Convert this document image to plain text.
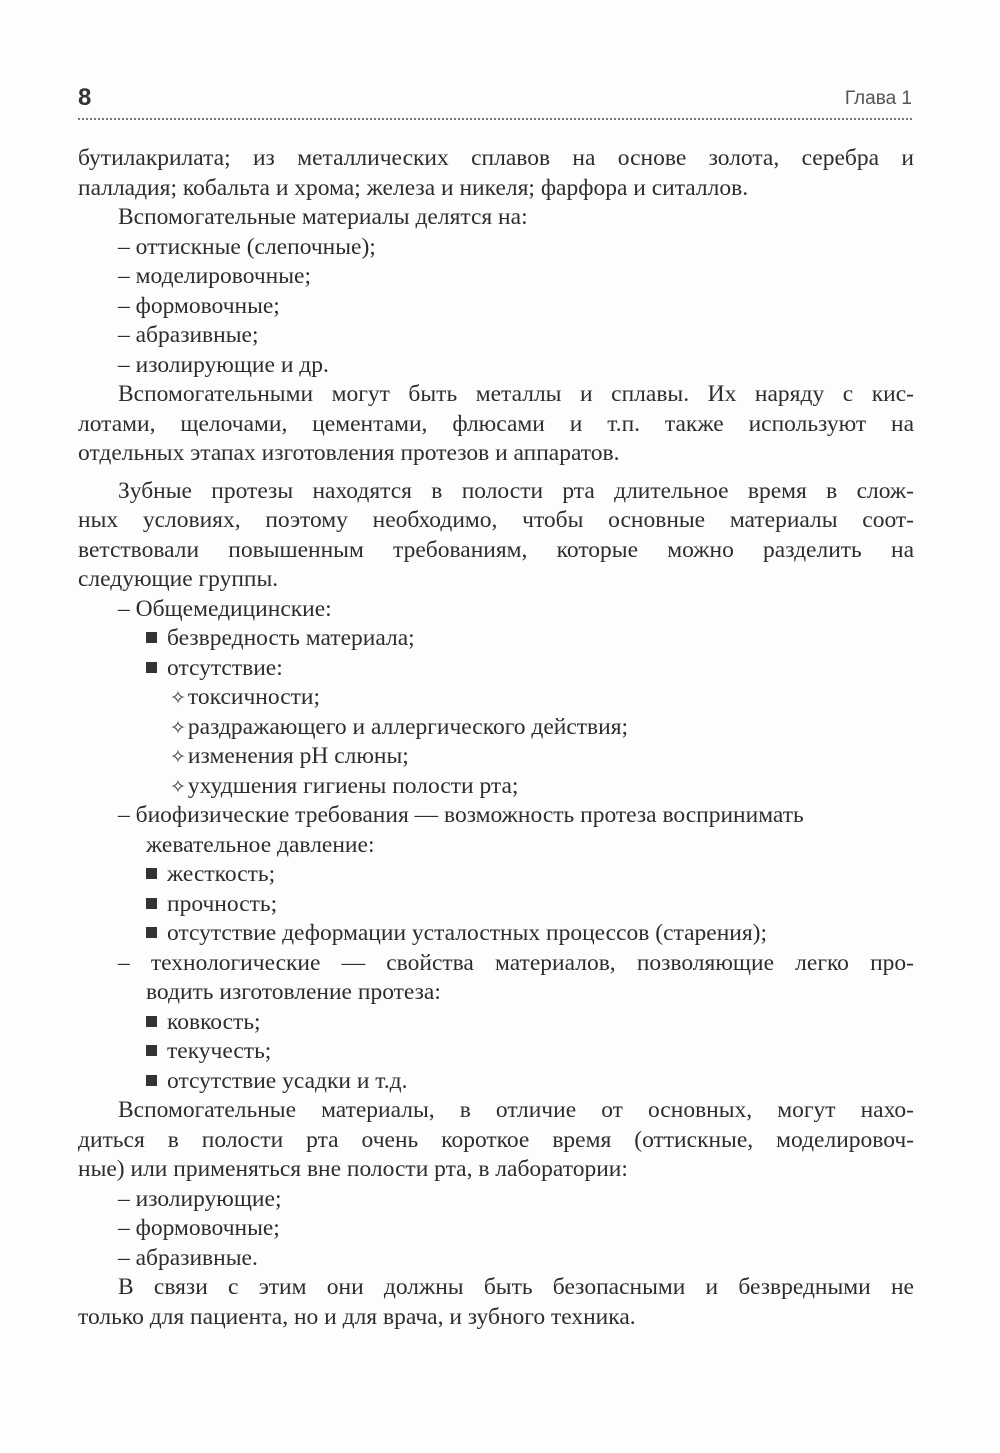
8	Глава 1
бутилакрилата; из металлических сплавов на основе золота, серебра и
палладия; кобальта и хрома; железа и никеля; фарфора и ситаллов.
Вспомогательные материалы делятся на:
– оттискные (слепочные);
– моделировочные;
– формовочные;
– абразивные;
– изолирующие и др.
Вспомогательными могут быть металлы и сплавы. Их наряду с кис-
лотами, щелочами, цементами, флюсами и т.п. также используют на
отдельных этапах изготовления протезов и аппаратов.
Зубные протезы находятся в полости рта длительное время в слож-
ных условиях, поэтому необходимо, чтобы основные материалы соот-
ветствовали повышенным требованиям, которые можно разделить на
следующие группы.
– Общемедицинские:
безвредность материала;
отсутствие:
✧токсичности;
✧раздражающего и аллергического действия;
✧изменения рН слюны;
✧ухудшения гигиены полости рта;
– биофизические требования — возможность протеза воспринимать
жевательное давление:
жесткость;
прочность;
отсутствие деформации усталостных процессов (старения);
– технологические — свойства материалов, позволяющие легко про-
водить изготовление протеза:
ковкость;
текучесть;
отсутствие усадки и т.д.
Вспомогательные материалы, в отличие от основных, могут нахо-
диться в полости рта очень короткое время (оттискные, моделировоч-
ные) или применяться вне полости рта, в лаборатории:
– изолирующие;
– формовочные;
– абразивные.
В связи с этим они должны быть безопасными и безвредными не
только для пациента, но и для врача, и зубного техника.
